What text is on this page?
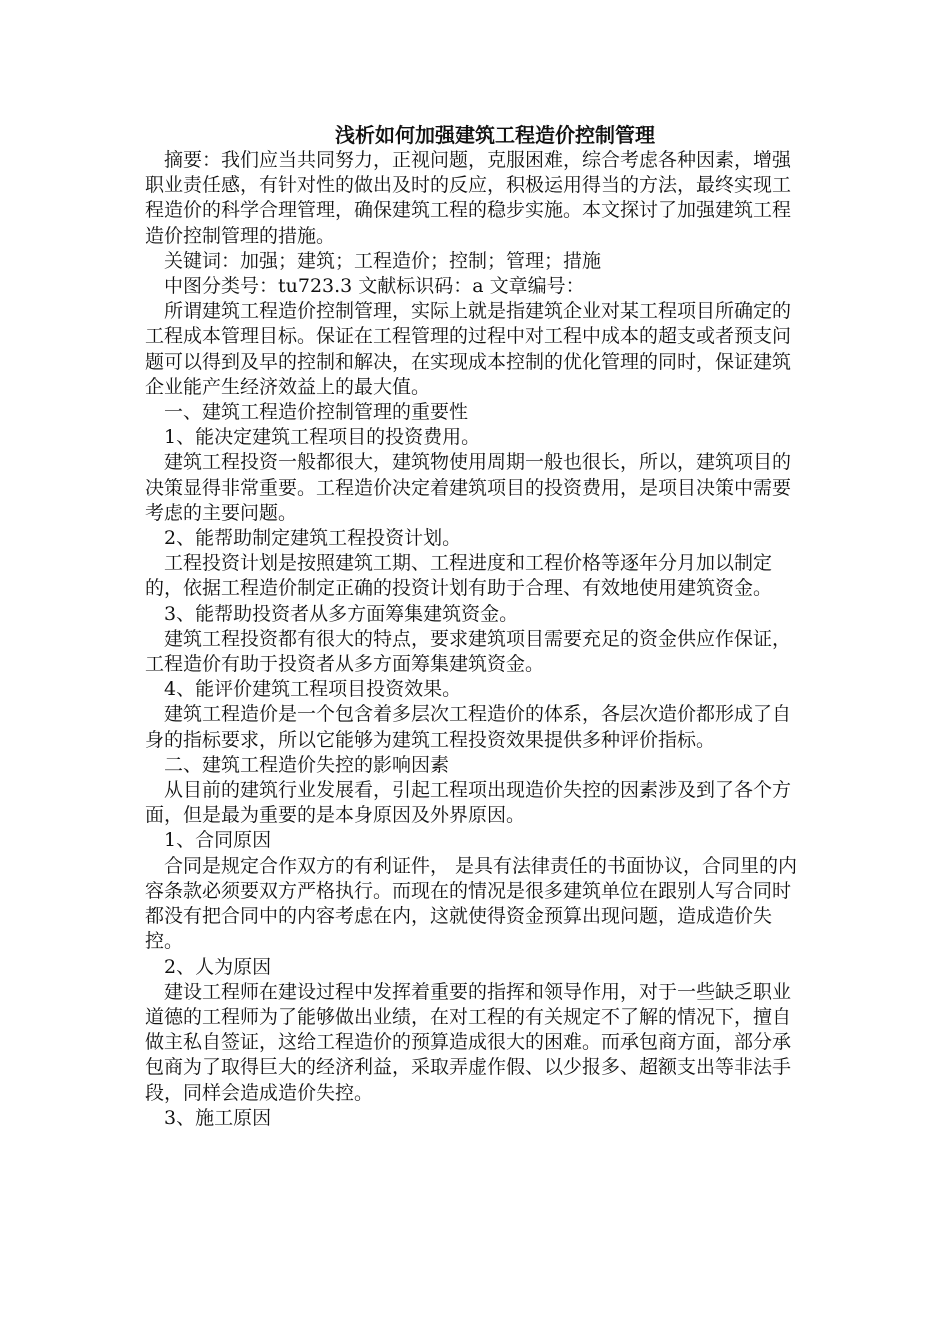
浅析如何加强建筑工程造价控制管理

摘要：我们应当共同努力，正视问题，克服困难，综合考虑各种因素，增强职业责任感，有针对性的做出及时的反应，积极运用得当的方法，最终实现工程造价的科学合理管理，确保建筑工程的稳步实施。本文探讨了加强建筑工程造价控制管理的措施。

关键词：加强；建筑；工程造价；控制；管理；措施

中图分类号：tu723.3 文献标识码：a 文章编号：

所谓建筑工程造价控制管理，实际上就是指建筑企业对某工程项目所确定的工程成本管理目标。保证在工程管理的过程中对工程中成本的超支或者预支问题可以得到及早的控制和解决，在实现成本控制的优化管理的同时，保证建筑企业能产生经济效益上的最大值。

一、建筑工程造价控制管理的重要性

1、能决定建筑工程项目的投资费用。

建筑工程投资一般都很大，建筑物使用周期一般也很长，所以，建筑项目的决策显得非常重要。工程造价决定着建筑项目的投资费用，是项目决策中需要考虑的主要问题。

2、能帮助制定建筑工程投资计划。

工程投资计划是按照建筑工期、工程进度和工程价格等逐年分月加以制定的，依据工程造价制定正确的投资计划有助于合理、有效地使用建筑资金。

3、能帮助投资者从多方面筹集建筑资金。

建筑工程投资都有很大的特点，要求建筑项目需要充足的资金供应作保证，工程造价有助于投资者从多方面筹集建筑资金。

4、能评价建筑工程项目投资效果。

建筑工程造价是一个包含着多层次工程造价的体系，各层次造价都形成了自身的指标要求，所以它能够为建筑工程投资效果提供多种评价指标。

二、建筑工程造价失控的影响因素

从目前的建筑行业发展看，引起工程项出现造价失控的因素涉及到了各个方面，但是最为重要的是本身原因及外界原因。

1、合同原因

合同是规定合作双方的有利证件， 是具有法律责任的书面协议，合同里的内容条款必须要双方严格执行。而现在的情况是很多建筑单位在跟别人写合同时都没有把合同中的内容考虑在内，这就使得资金预算出现问题，造成造价失控。

2、人为原因

建设工程师在建设过程中发挥着重要的指挥和领导作用，对于一些缺乏职业道德的工程师为了能够做出业绩，在对工程的有关规定不了解的情况下，擅自做主私自签证，这给工程造价的预算造成很大的困难。而承包商方面，部分承包商为了取得巨大的经济利益，采取弄虚作假、以少报多、超额支出等非法手段，同样会造成造价失控。

3、施工原因
